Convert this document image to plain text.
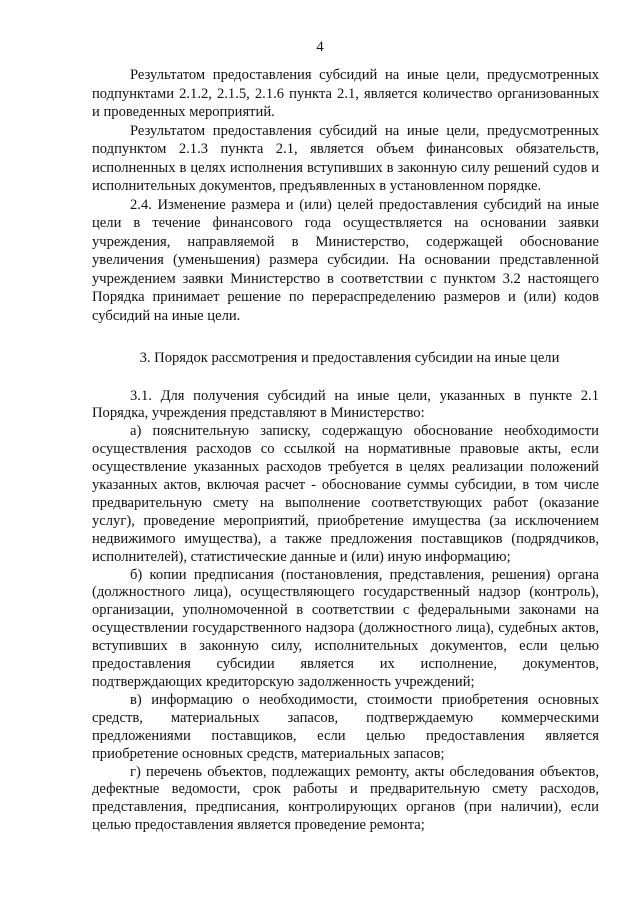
4

Результатом предоставления субсидий на иные цели, предусмотренных подпунктами 2.1.2, 2.1.5, 2.1.6 пункта 2.1, является количество организованных и проведенных мероприятий.

Результатом предоставления субсидий на иные цели, предусмотренных подпунктом 2.1.3 пункта 2.1, является объем финансовых обязательств, исполненных в целях исполнения вступивших в законную силу решений судов и исполнительных документов, предъявленных в установленном порядке.

2.4. Изменение размера и (или) целей предоставления субсидий на иные цели в течение финансового года осуществляется на основании заявки учреждения, направляемой в Министерство, содержащей обоснование увеличения (уменьшения) размера субсидии. На основании представленной учреждением заявки Министерство в соответствии с пунктом 3.2 настоящего Порядка принимает решение по перераспределению размеров и (или) кодов субсидий на иные цели.

3. Порядок рассмотрения и предоставления субсидии на иные цели

3.1. Для получения субсидий на иные цели, указанных в пункте 2.1 Порядка, учреждения представляют в Министерство:

а) пояснительную записку, содержащую обоснование необходимости осуществления расходов со ссылкой на нормативные правовые акты, если осуществление указанных расходов требуется в целях реализации положений указанных актов, включая расчет - обоснование суммы субсидии, в том числе предварительную смету на выполнение соответствующих работ (оказание услуг), проведение мероприятий, приобретение имущества (за исключением недвижимого имущества), а также предложения поставщиков (подрядчиков, исполнителей), статистические данные и (или) иную информацию;

б) копии предписания (постановления, представления, решения) органа (должностного лица), осуществляющего государственный надзор (контроль), организации, уполномоченной в соответствии с федеральными законами на осуществлении государственного надзора (должностного лица), судебных актов, вступивших в законную силу, исполнительных документов, если целью предоставления субсидии является их исполнение, документов, подтверждающих кредиторскую задолженность учреждений;

в) информацию о необходимости, стоимости приобретения основных средств, материальных запасов, подтверждаемую коммерческими предложениями поставщиков, если целью предоставления является приобретение основных средств, материальных запасов;

г) перечень объектов, подлежащих ремонту, акты обследования объектов, дефектные ведомости, срок работы и предварительную смету расходов, представления, предписания, контролирующих органов (при наличии), если целью предоставления является проведение ремонта;
